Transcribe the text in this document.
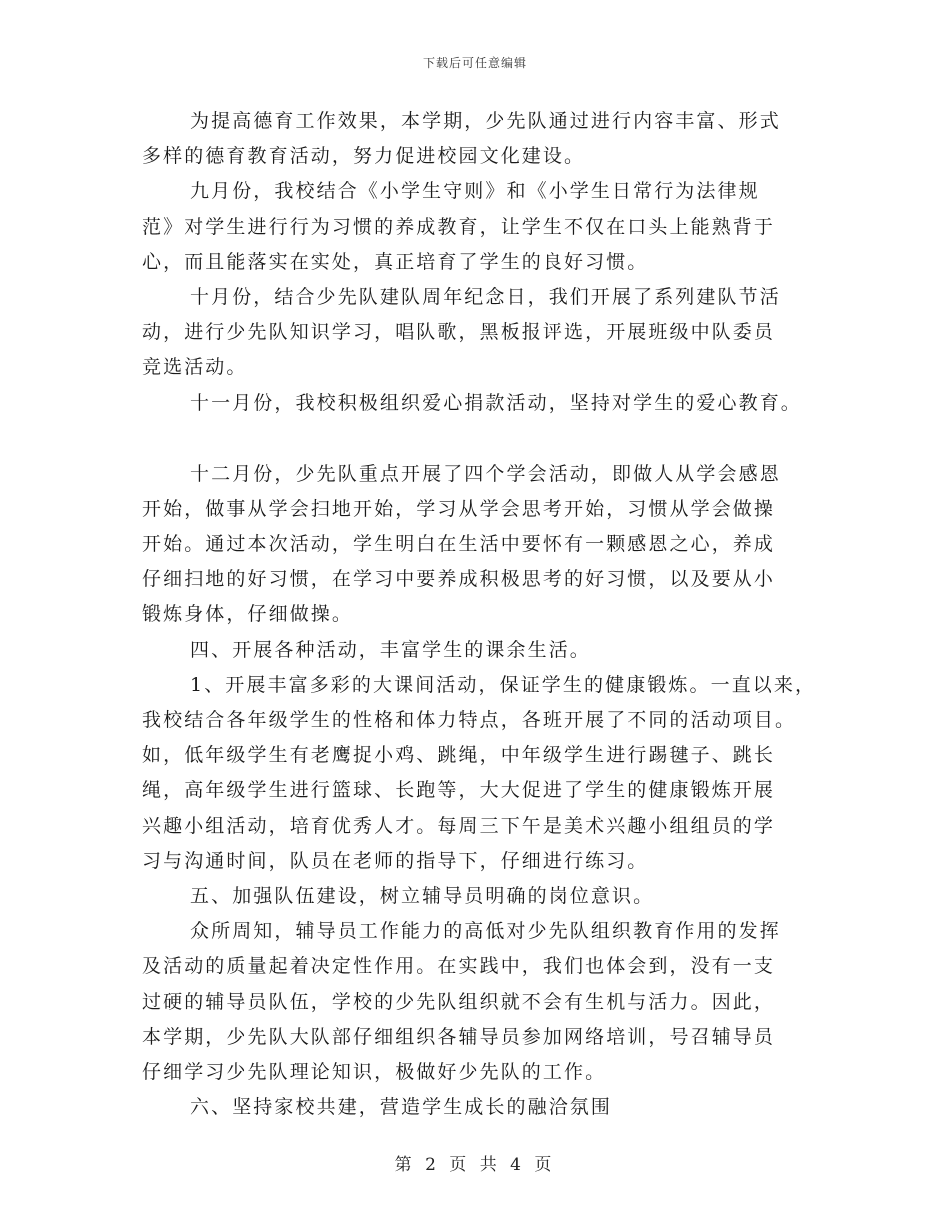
下载后可任意编辑
为提高德育工作效果，本学期，少先队通过进行内容丰富、形式
多样的德育教育活动，努力促进校园文化建设。
九月份，我校结合《小学生守则》和《小学生日常行为法律规
范》对学生进行行为习惯的养成教育，让学生不仅在口头上能熟背于
心，而且能落实在实处，真正培育了学生的良好习惯。
十月份，结合少先队建队周年纪念日，我们开展了系列建队节活
动，进行少先队知识学习，唱队歌，黑板报评选，开展班级中队委员
竞选活动。
十一月份，我校积极组织爱心捐款活动，坚持对学生的爱心教育。
十二月份，少先队重点开展了四个学会活动，即做人从学会感恩
开始，做事从学会扫地开始，学习从学会思考开始，习惯从学会做操
开始。通过本次活动，学生明白在生活中要怀有一颗感恩之心，养成
仔细扫地的好习惯，在学习中要养成积极思考的好习惯，以及要从小
锻炼身体，仔细做操。
四、开展各种活动，丰富学生的课余生活。
1、开展丰富多彩的大课间活动，保证学生的健康锻炼。一直以来，
我校结合各年级学生的性格和体力特点，各班开展了不同的活动项目。
如，低年级学生有老鹰捉小鸡、跳绳，中年级学生进行踢毽子、跳长
绳，高年级学生进行篮球、长跑等，大大促进了学生的健康锻炼开展
兴趣小组活动，培育优秀人才。每周三下午是美术兴趣小组组员的学
习与沟通时间，队员在老师的指导下，仔细进行练习。
五、加强队伍建设，树立辅导员明确的岗位意识。
众所周知，辅导员工作能力的高低对少先队组织教育作用的发挥
及活动的质量起着决定性作用。在实践中，我们也体会到，没有一支
过硬的辅导员队伍，学校的少先队组织就不会有生机与活力。因此，
本学期，少先队大队部仔细组织各辅导员参加网络培训，号召辅导员
仔细学习少先队理论知识，极做好少先队的工作。
六、坚持家校共建，营造学生成长的融洽氛围
第 2 页 共 4 页
